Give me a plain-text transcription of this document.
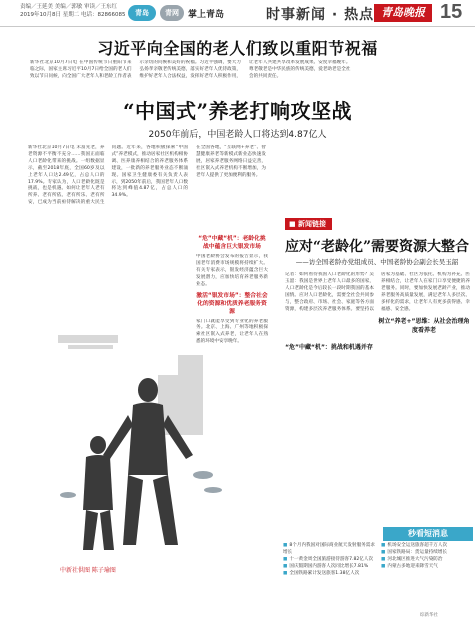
责编／王延美 美编／郭敏 审读／王东红
2019年10月8日 星期二 电话：82866085	青岛	青网	掌上青岛	时事新闻 · 热点 青岛晚报 15
习近平向全国的老人们致以重阳节祝福
新华社北京10月7日电 在中国传统节日重阳节来临之际，国家主席习近平10月7日给全国的老人们致以节日问候，向全国广大老年人和老龄工作者表示亲切的问候和美好的祝福。习近平强调，要大力弘扬孝亲敬老传统美德，落实好老年人优待政策，维护好老年人合法权益，发挥好老年人积极作用，让老年人共建共享改革发展成果、安度幸福晚年。尊老敬老是中华民族的传统美德，爱老助老是全社会的共同责任。
“中国式”养老打响攻坚战
2050年前后，中国老龄人口将达到4.87亿人
新华社北京10月7日电 未富先老，养老资源不平衡不充分……我国正面临人口老龄化带来的挑战。一组数据显示，截至2018年底，全国60岁及以上老年人口达2.49亿，占总人口的17.9%。专家认为，人口老龄化既是挑战，也是机遇。如何让老年人老有所养、老有所依、老有所乐、老有所安，已成为当前亟待解决的重大民生问题。近年来，各地积极探索“中国式”养老模式，推动居家社区机构相协调、医养康养相结合的养老服务体系建设，一批新的养老服务业态不断涌现。国家卫生健康委有关负责人表示，到2050年前后，我国老年人口数将达到峰值4.87亿，占总人口的34.9%。
在全国各地，“互联网+养老”、智慧健康养老等新模式新业态快速发展，居家养老服务网络日益完善，社区嵌入式养老机构不断增加，为老年人提供了更加便利的服务。
中新社供图 陈子瑜图
“危”中藏“机”：老龄化挑战中蕴含巨大银发市场
中国老龄协会发布的报告显示，我国老年消费市场规模将持续扩大。有关专家表示，银发经济蕴含巨大发展潜力，应加快培育养老服务新业态。
激活“银发市场”：整合社会化的资源和优质养老服务资源
家门口就能享受到专业化的养老服务。北京、上海、广州等地积极探索社区嵌入式养老，让老年人在熟悉的环境中安享晚年。
■ 新闻链接
应对“老龄化”需要资源大整合
——访全国老龄办党组成员、中国老龄协会副会长吴玉韶
记者：如何看待我国人口老龄化的形势？吴玉韶：我国是世界上老年人口最多的国家，人口老龄化是今后较长一段时期我国的基本国情。应对人口老龄化，需要全社会共同参与，整合政府、市场、社会、家庭等各方面资源，构建多层次养老服务体系。要坚持以居家为基础、社区为依托、机构为补充、医养相结合，让老年人在家门口享受便捷的养老服务。同时，要加快发展老龄产业，推动养老服务高质量发展，满足老年人多层次、多样化的需求，让老年人有更多获得感、幸福感、安全感。
“危”中藏“机”：挑战和机遇并存
树立“养老+”思维：从社会治理角度看养老
秒看短消息
■ 8个月内我国对国际商业航天发射服务需求增长
■ 十一黄金周全国旅游接待游客7.82亿人次
■ 国庆假期国内游客人次同比增长7.81%
■ 全国铁路累计发送旅客1.38亿人次
■ 机场安全运送旅客超千万人次
■ 国家铁路局：货运量持续增长
■ 河北城区推进大气污染防治
■ 内蒙古多地迎来降雪天气
综新华社
